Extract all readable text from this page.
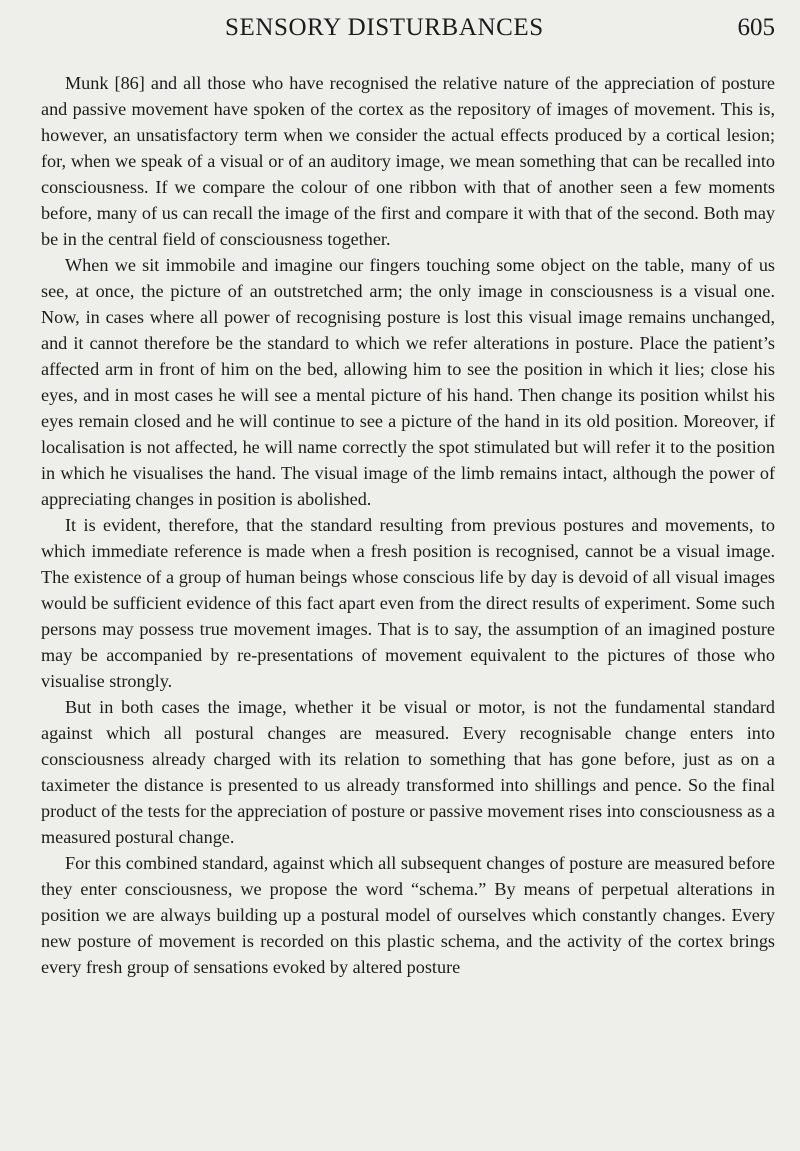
SENSORY DISTURBANCES	605

Munk [86] and all those who have recognised the relative nature of the appreciation of posture and passive movement have spoken of the cortex as the repository of images of movement. This is, however, an unsatisfactory term when we consider the actual effects produced by a cortical lesion; for, when we speak of a visual or of an auditory image, we mean something that can be recalled into consciousness. If we compare the colour of one ribbon with that of another seen a few moments before, many of us can recall the image of the first and compare it with that of the second. Both may be in the central field of consciousness together.

When we sit immobile and imagine our fingers touching some object on the table, many of us see, at once, the picture of an outstretched arm; the only image in consciousness is a visual one. Now, in cases where all power of recognising posture is lost this visual image remains unchanged, and it cannot therefore be the standard to which we refer alterations in posture. Place the patient’s affected arm in front of him on the bed, allowing him to see the position in which it lies; close his eyes, and in most cases he will see a mental picture of his hand. Then change its position whilst his eyes remain closed and he will continue to see a picture of the hand in its old position. Moreover, if localisation is not affected, he will name correctly the spot stimulated but will refer it to the position in which he visualises the hand. The visual image of the limb remains intact, although the power of appreciating changes in position is abolished.

It is evident, therefore, that the standard resulting from previous postures and movements, to which immediate reference is made when a fresh position is recognised, cannot be a visual image. The existence of a group of human beings whose conscious life by day is devoid of all visual images would be sufficient evidence of this fact apart even from the direct results of experiment. Some such persons may possess true movement images. That is to say, the assumption of an imagined posture may be accompanied by re-presentations of movement equivalent to the pictures of those who visualise strongly.

But in both cases the image, whether it be visual or motor, is not the fundamental standard against which all postural changes are measured. Every recognisable change enters into consciousness already charged with its relation to something that has gone before, just as on a taximeter the distance is presented to us already transformed into shillings and pence. So the final product of the tests for the appreciation of posture or passive movement rises into consciousness as a measured postural change.

For this combined standard, against which all subsequent changes of posture are measured before they enter consciousness, we propose the word “schema.” By means of perpetual alterations in position we are always building up a postural model of ourselves which constantly changes. Every new posture of movement is recorded on this plastic schema, and the activity of the cortex brings every fresh group of sensations evoked by altered posture
